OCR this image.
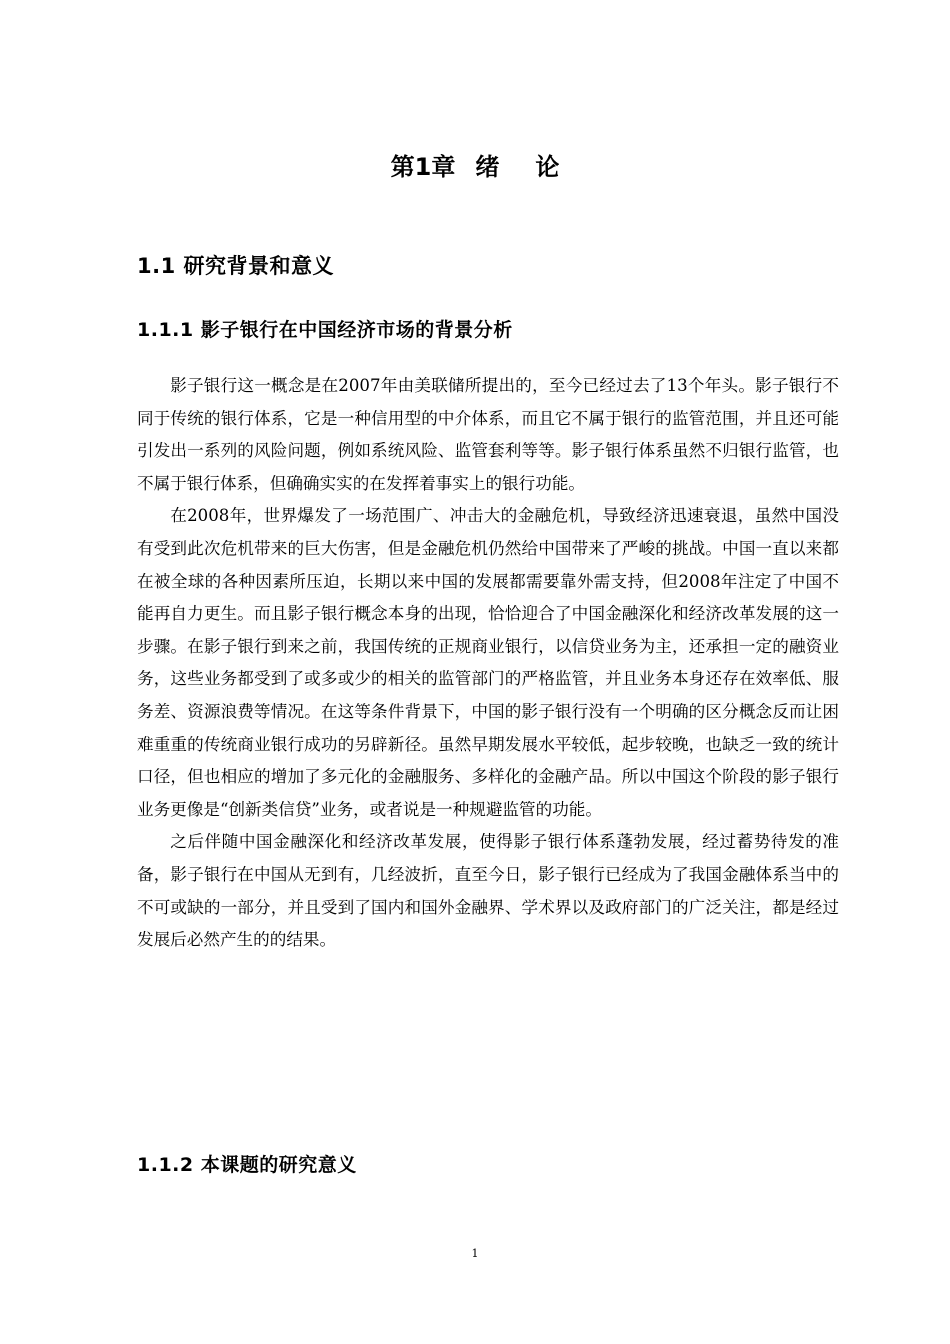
第1章 绪 论
1.1 研究背景和意义
1.1.1 影子银行在中国经济市场的背景分析

影子银行这一概念是在2007年由美联储所提出的，至今已经过去了13个年头。影子银行不同于传统的银行体系，它是一种信用型的中介体系，而且它不属于银行的监管范围，并且还可能引发出一系列的风险问题，例如系统风险、监管套利等等。影子银行体系虽然不归银行监管，也不属于银行体系，但确确实实的在发挥着事实上的银行功能。

在2008年，世界爆发了一场范围广、冲击大的金融危机，导致经济迅速衰退，虽然中国没有受到此次危机带来的巨大伤害，但是金融危机仍然给中国带来了严峻的挑战。中国一直以来都在被全球的各种因素所压迫，长期以来中国的发展都需要靠外需支持，但2008年注定了中国不能再自力更生。而且影子银行概念本身的出现，恰恰迎合了中国金融深化和经济改革发展的这一步骤。在影子银行到来之前，我国传统的正规商业银行，以信贷业务为主，还承担一定的融资业务，这些业务都受到了或多或少的相关的监管部门的严格监管，并且业务本身还存在效率低、服务差、资源浪费等情况。在这等条件背景下，中国的影子银行没有一个明确的区分概念反而让困难重重的传统商业银行成功的另辟新径。虽然早期发展水平较低，起步较晚，也缺乏一致的统计口径，但也相应的增加了多元化的金融服务、多样化的金融产品。所以中国这个阶段的影子银行业务更像是“创新类信贷”业务，或者说是一种规避监管的功能。

之后伴随中国金融深化和经济改革发展，使得影子银行体系蓬勃发展，经过蓄势待发的准备，影子银行在中国从无到有，几经波折，直至今日，影子银行已经成为了我国金融体系当中的不可或缺的一部分，并且受到了国内和国外金融界、学术界以及政府部门的广泛关注，都是经过发展后必然产生的的结果。

1.1.2 本课题的研究意义
1
